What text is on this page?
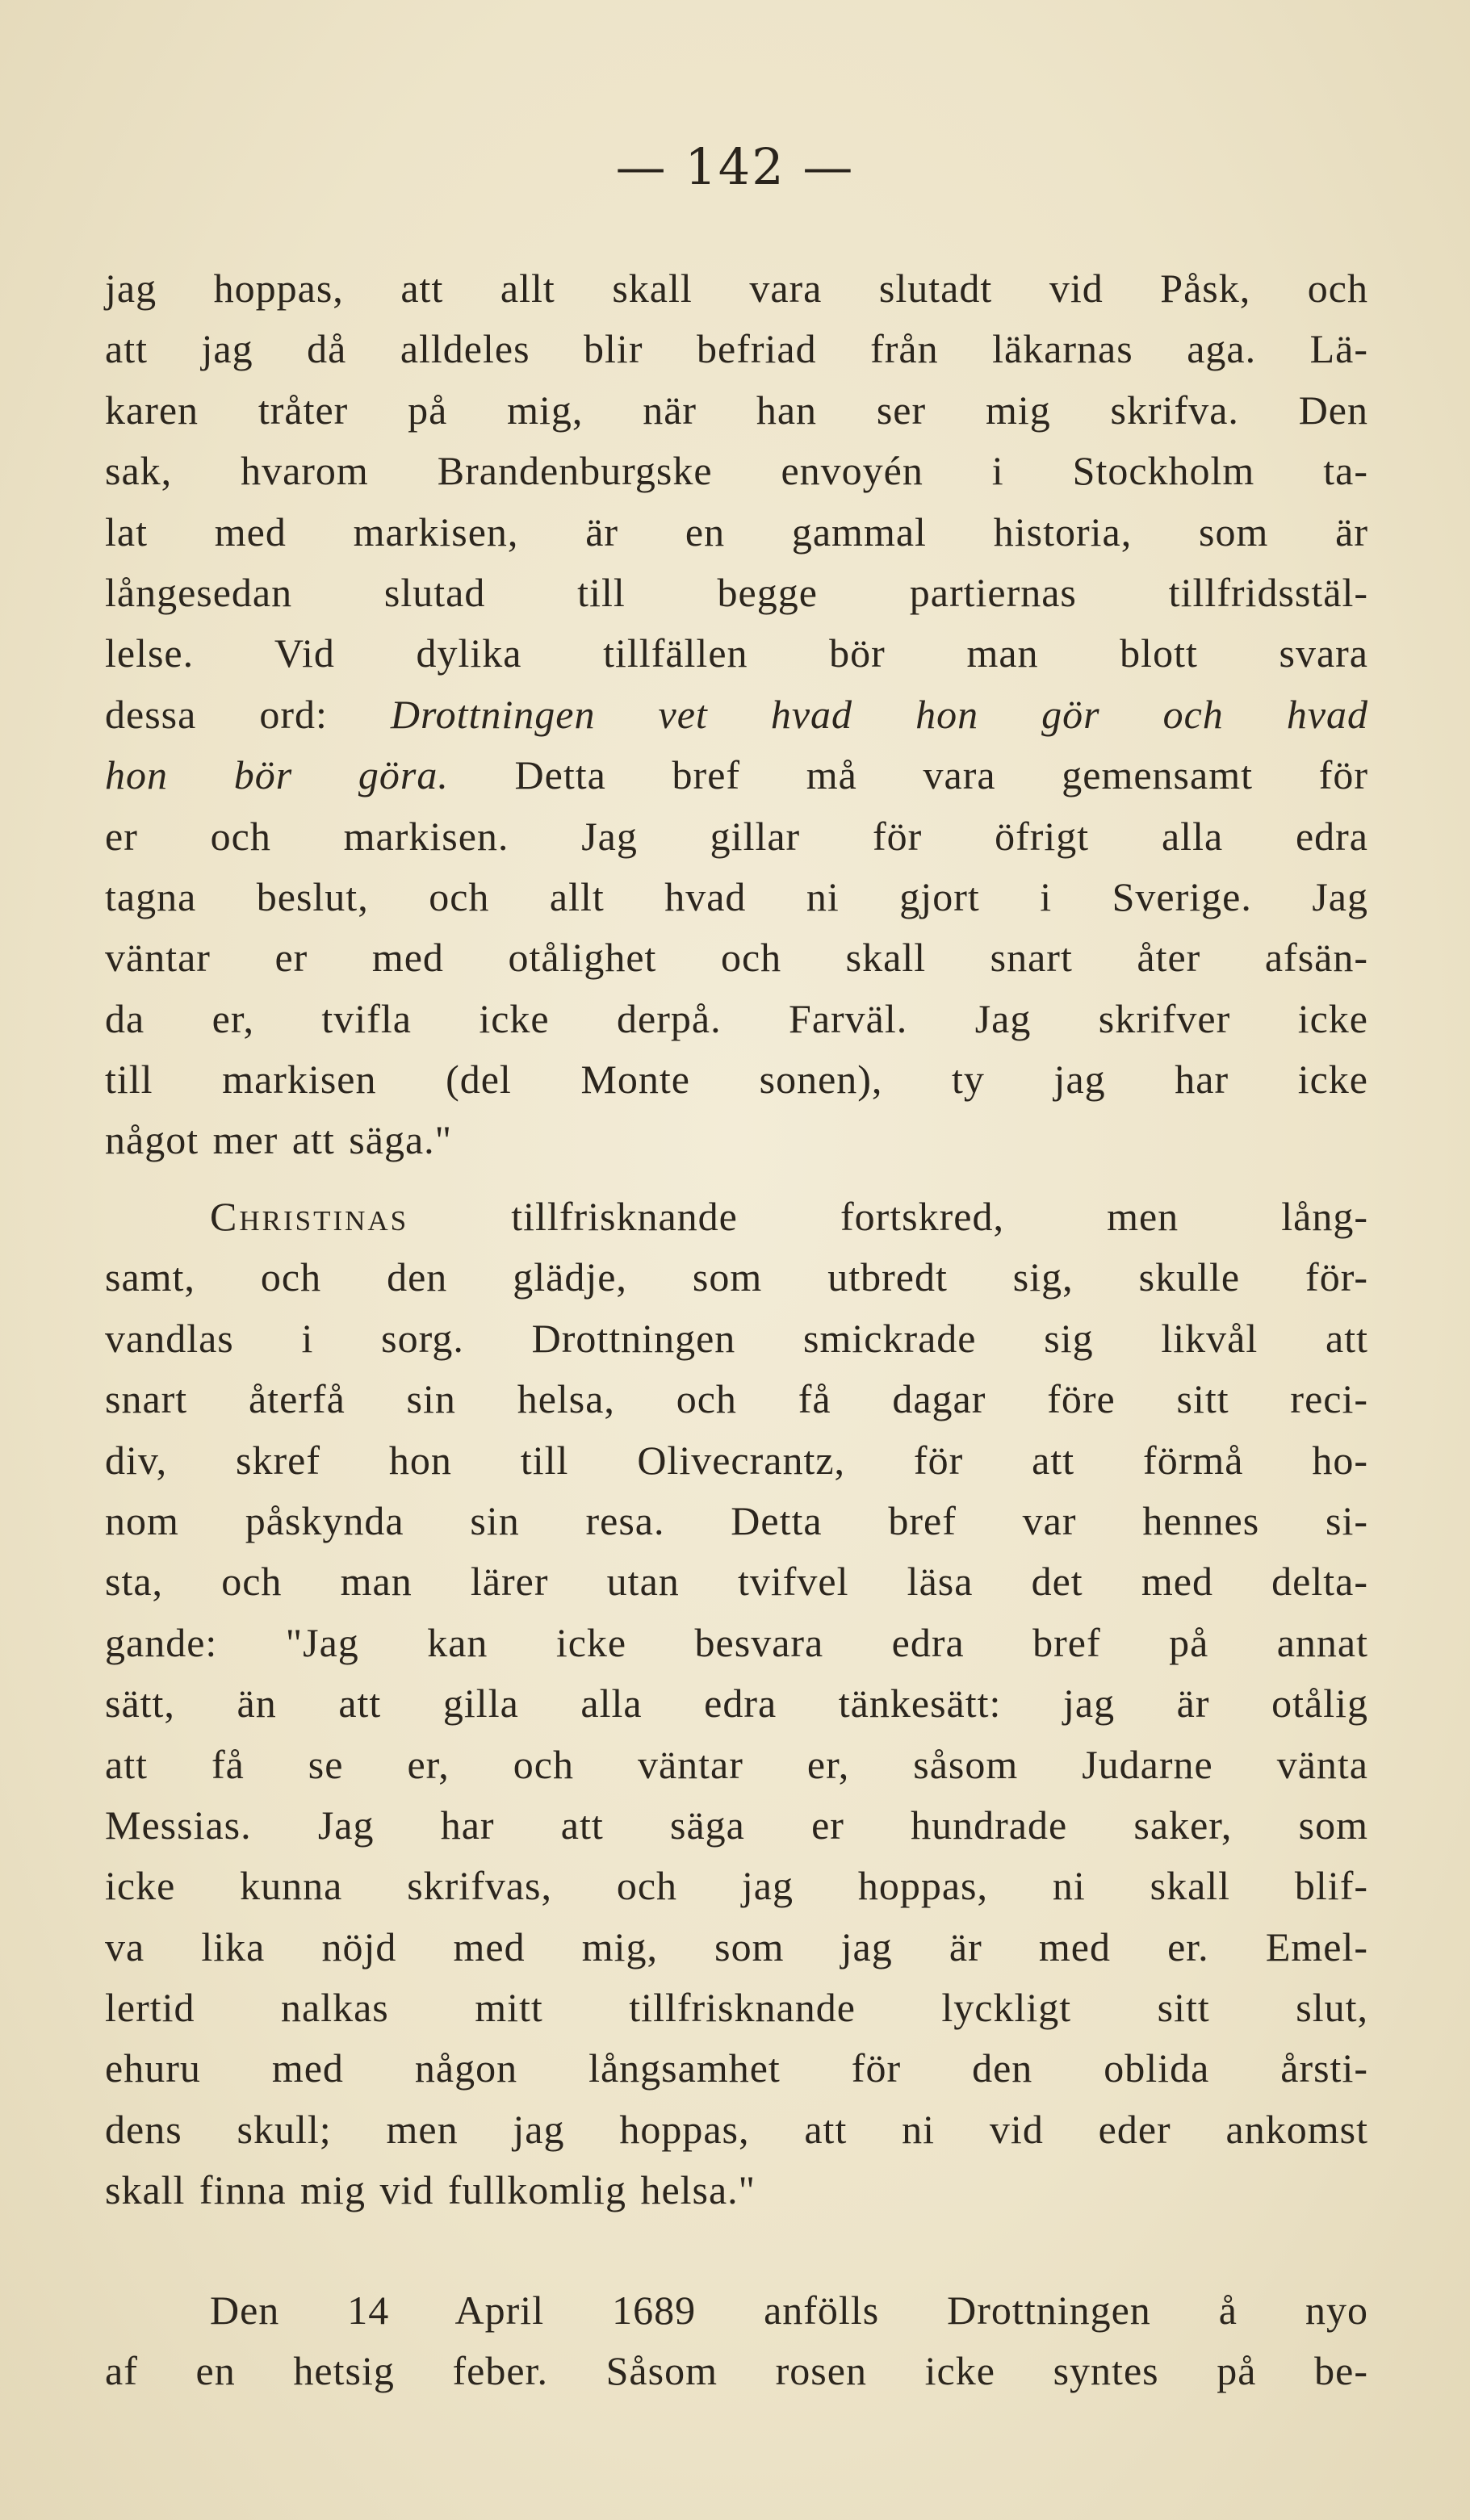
— 142 —
jag hoppas, att allt skall vara slutadt vid Påsk, och
att jag då alldeles blir befriad från läkarnas aga. Lä-
karen tråter på mig, när han ser mig skrifva. Den
sak, hvarom Brandenburgske envoyén i Stockholm ta-
lat med markisen, är en gammal historia, som är
långesedan slutad till begge partiernas tillfridsstäl-
lelse. Vid dylika tillfällen bör man blott svara
dessa ord: Drottningen vet hvad hon gör och hvad
hon bör göra. Detta bref må vara gemensamt för
er och markisen. Jag gillar för öfrigt alla edra
tagna beslut, och allt hvad ni gjort i Sverige. Jag
väntar er med otålighet och skall snart åter afsän-
da er, tvifla icke derpå. Farväl. Jag skrifver icke
till markisen (del Monte sonen), ty jag har icke
något mer att säga."
Christinas tillfrisknande fortskred, men lång-
samt, och den glädje, som utbredt sig, skulle för-
vandlas i sorg. Drottningen smickrade sig likvål att
snart återfå sin helsa, och få dagar före sitt reci-
div, skref hon till Olivecrantz, för att förmå ho-
nom påskynda sin resa. Detta bref var hennes si-
sta, och man lärer utan tvifvel läsa det med delta-
gande: "Jag kan icke besvara edra bref på annat
sätt, än att gilla alla edra tänkesätt: jag är otålig
att få se er, och väntar er, såsom Judarne vänta
Messias. Jag har att säga er hundrade saker, som
icke kunna skrifvas, och jag hoppas, ni skall blif-
va lika nöjd med mig, som jag är med er. Emel-
lertid nalkas mitt tillfrisknande lyckligt sitt slut,
ehuru med någon långsamhet för den oblida årsti-
dens skull; men jag hoppas, att ni vid eder ankomst
skall finna mig vid fullkomlig helsa."
Den 14 April 1689 anfölls Drottningen å nyo
af en hetsig feber. Såsom rosen icke syntes på be-
